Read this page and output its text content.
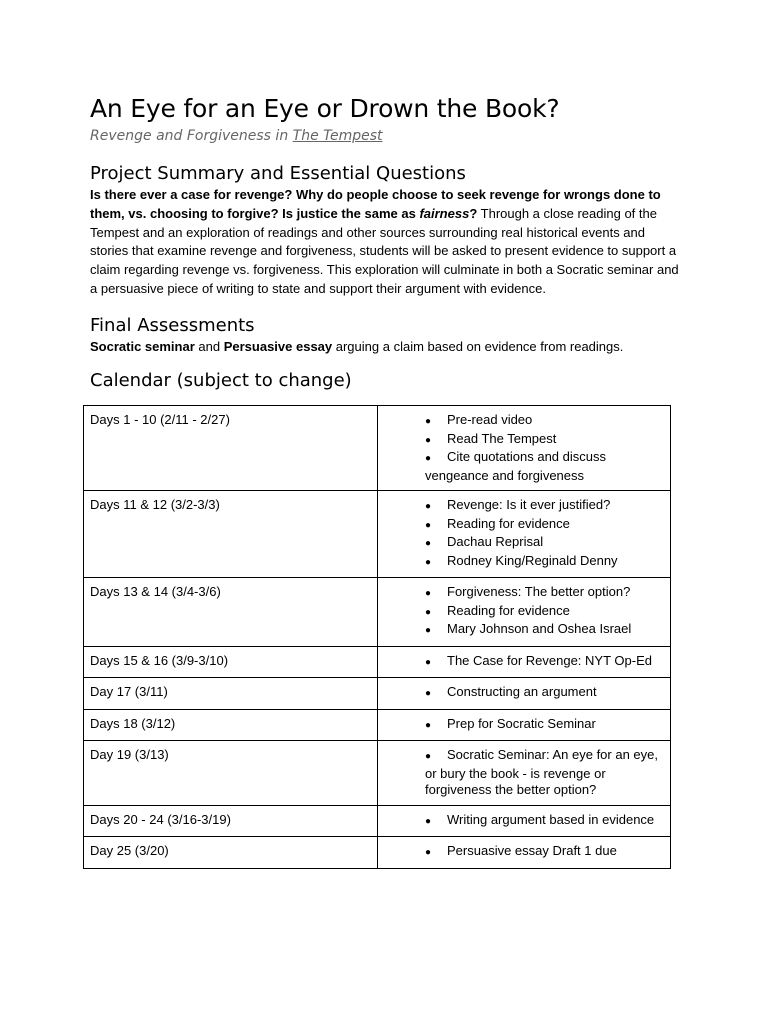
An Eye for an Eye or Drown the Book?
Revenge and Forgiveness in The Tempest
Project Summary and Essential Questions

Is there ever a case for revenge? Why do people choose to seek revenge for wrongs done to them, vs. choosing to forgive? Is justice the same as fairness? Through a close reading of the Tempest and an exploration of readings and other sources surrounding real historical events and stories that examine revenge and forgiveness, students will be asked to present evidence to support a claim regarding revenge vs. forgiveness. This exploration will culminate in both a Socratic seminar and a persuasive piece of writing to state and support their argument with evidence.

Final Assessments

Socratic seminar and Persuasive essay arguing a claim based on evidence from readings.

Calendar (subject to change)
Days 1 - 10 (2/11 - 2/27)	● Pre-read video
● Read The Tempest
● Cite quotations and discuss vengeance and forgiveness

Days 11 & 12 (3/2-3/3)	● Revenge: Is it ever justified?
● Reading for evidence
● Dachau Reprisal
● Rodney King/Reginald Denny

Days 13 & 14 (3/4-3/6)	● Forgiveness: The better option?
● Reading for evidence
● Mary Johnson and Oshea Israel

Days 15 & 16 (3/9-3/10)	● The Case for Revenge: NYT Op-Ed

Day 17 (3/11)	● Constructing an argument

Days 18 (3/12)	● Prep for Socratic Seminar

Day 19 (3/13)	● Socratic Seminar: An eye for an eye, or bury the book - is revenge or forgiveness the better option?

Days 20 - 24 (3/16-3/19)	● Writing argument based in evidence

Day 25 (3/20)	● Persuasive essay Draft 1 due
